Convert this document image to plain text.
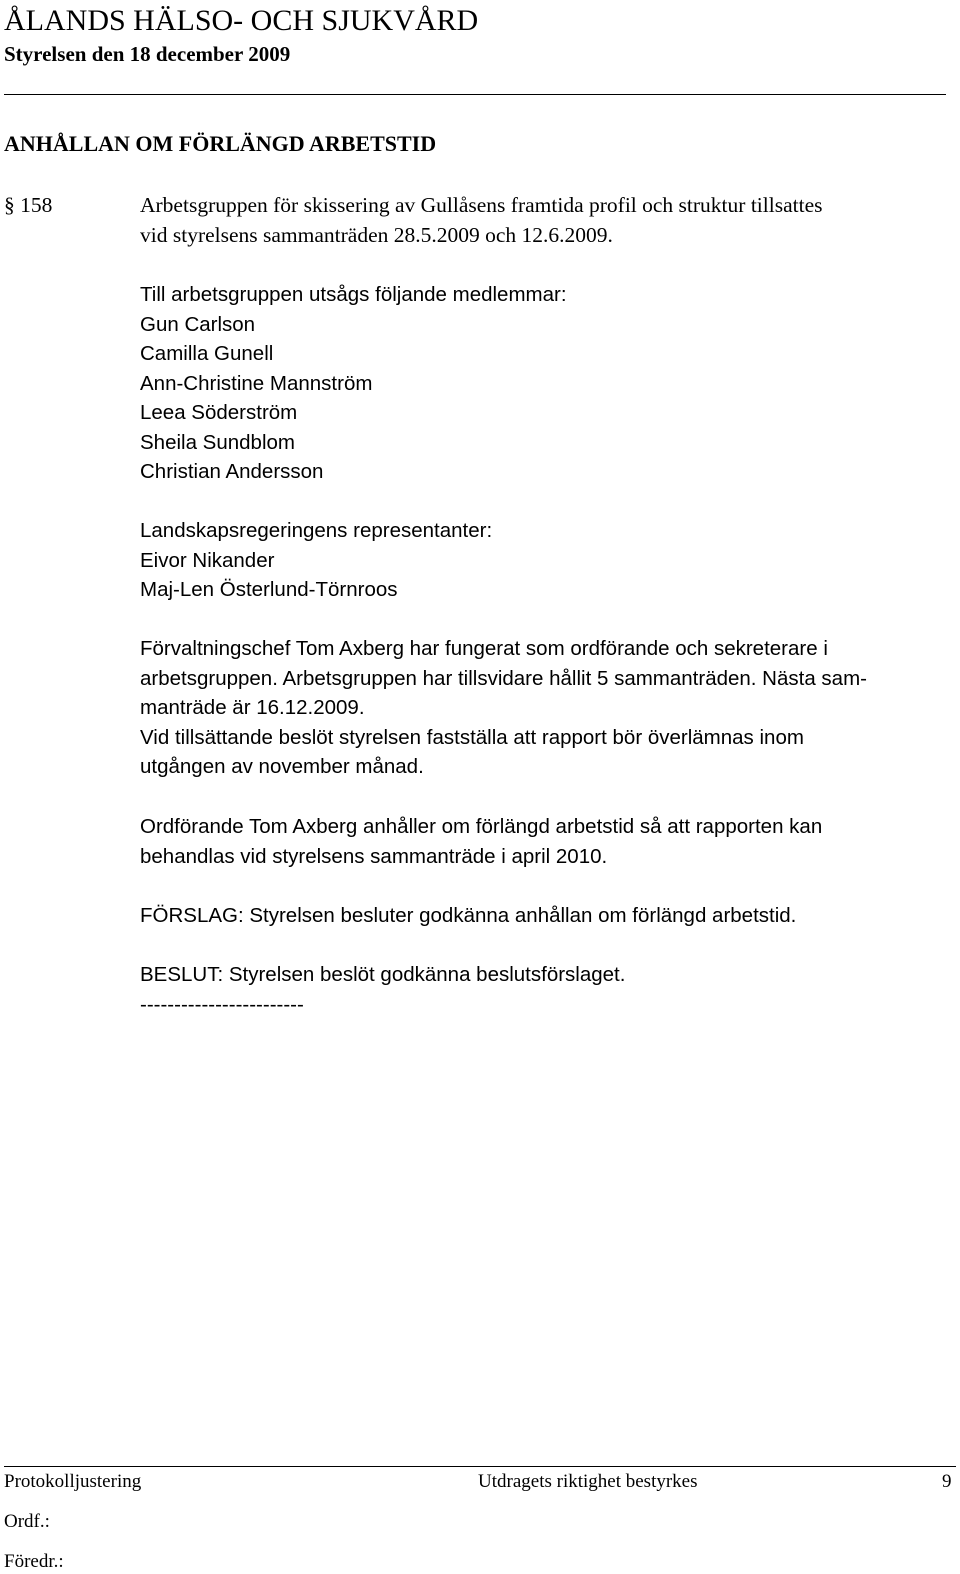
ÅLANDS HÄLSO- OCH SJUKVÅRD
Styrelsen den 18 december 2009
ANHÅLLAN OM FÖRLÄNGD ARBETSTID
§ 158	Arbetsgruppen för skissering av Gullåsens framtida profil och struktur tillsattes
vid styrelsens sammanträden 28.5.2009 och 12.6.2009.
Till arbetsgruppen utsågs följande medlemmar:
Gun Carlson
Camilla Gunell
Ann-Christine Mannström
Leea Söderström
Sheila Sundblom
Christian Andersson
Landskapsregeringens representanter:
Eivor Nikander
Maj-Len Österlund-Törnroos
Förvaltningschef Tom Axberg har fungerat som ordförande och sekreterare i
arbetsgruppen. Arbetsgruppen har tillsvidare hållit 5 sammanträden. Nästa sam-
manträde är 16.12.2009.
Vid tillsättande beslöt styrelsen fastställa att rapport bör överlämnas inom
utgången av november månad.
Ordförande Tom Axberg anhåller om förlängd arbetstid så att rapporten kan
behandlas vid styrelsens sammanträde i april 2010.
FÖRSLAG: Styrelsen besluter godkänna anhållan om förlängd arbetstid.
BESLUT: Styrelsen beslöt godkänna beslutsförslaget.
------------------------
Protokolljustering	Utdragets riktighet bestyrkes	9
Ordf.:
Föredr.:
